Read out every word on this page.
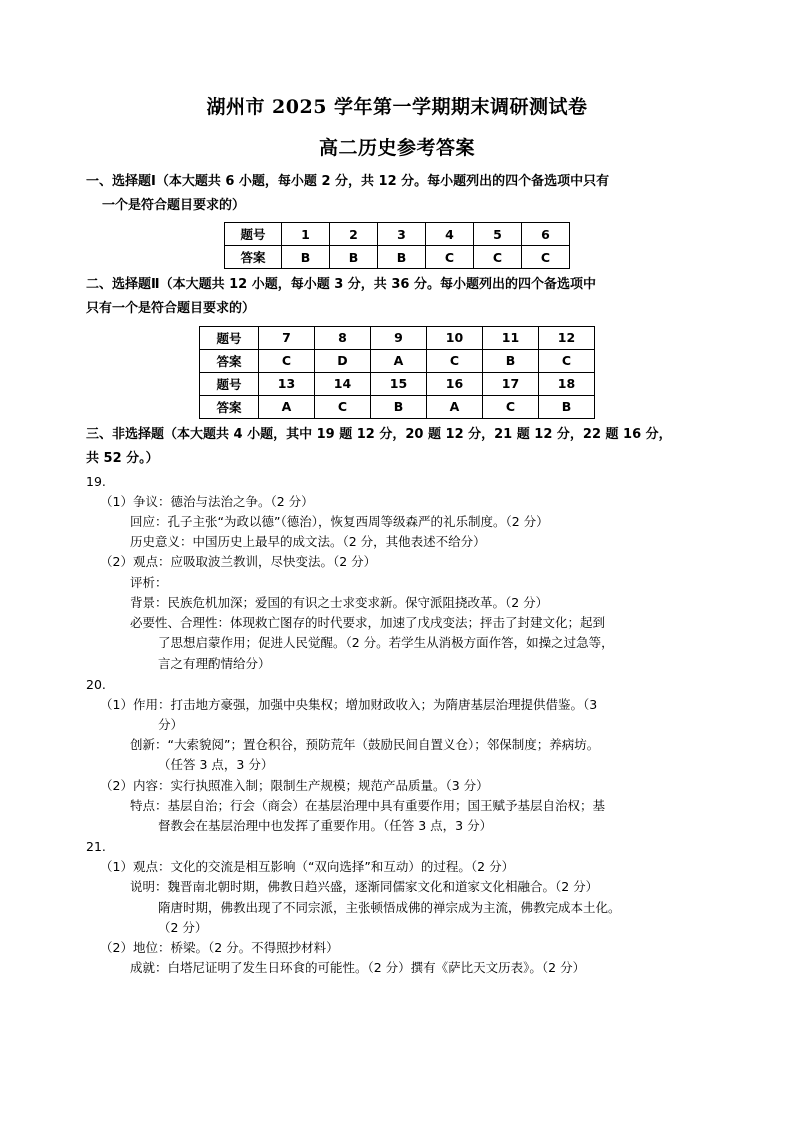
湖州市 2025 学年第一学期期末调研测试卷
高二历史参考答案
一、选择题Ⅰ（本大题共 6 小题，每小题 2 分，共 12 分。每小题列出的四个备选项中只有
一个是符合题目要求的）
题号	1	2	3	4	5	6
答案	B	B	B	C	C	C
二、选择题Ⅱ（本大题共 12 小题，每小题 3 分，共 36 分。每小题列出的四个备选项中
只有一个是符合题目要求的）
题号	7	8	9	10	11	12
答案	C	D	A	C	B	C
题号	13	14	15	16	17	18
答案	A	C	B	A	C	B
三、非选择题（本大题共 4 小题，其中 19 题 12 分，20 题 12 分，21 题 12 分，22 题 16 分，
共 52 分。）
19.
（1）争议：德治与法治之争。（2 分）
回应：孔子主张“为政以德”（德治），恢复西周等级森严的礼乐制度。（2 分）
历史意义：中国历史上最早的成文法。（2 分，其他表述不给分）
（2）观点：应吸取波兰教训，尽快变法。（2 分）
评析：
背景：民族危机加深；爱国的有识之士求变求新。保守派阻挠改革。（2 分）
必要性、合理性：体现救亡图存的时代要求，加速了戊戌变法；抨击了封建文化；起到
了思想启蒙作用；促进人民觉醒。（2 分。若学生从消极方面作答，如操之过急等，
言之有理酌情给分）
20.
（1）作用：打击地方豪强，加强中央集权；增加财政收入；为隋唐基层治理提供借鉴。（3
分）
创新：“大索貌阅”；置仓积谷，预防荒年（鼓励民间自置义仓）；邻保制度；养病坊。
（任答 3 点，3 分）
（2）内容：实行执照准入制；限制生产规模；规范产品质量。（3 分）
特点：基层自治；行会（商会）在基层治理中具有重要作用；国王赋予基层自治权；基
督教会在基层治理中也发挥了重要作用。（任答 3 点，3 分）
21.
（1）观点：文化的交流是相互影响（“双向选择”和互动）的过程。（2 分）
说明：魏晋南北朝时期，佛教日趋兴盛，逐渐同儒家文化和道家文化相融合。（2 分）
隋唐时期，佛教出现了不同宗派，主张顿悟成佛的禅宗成为主流，佛教完成本土化。
（2 分）
（2）地位：桥梁。（2 分。不得照抄材料）
成就：白塔尼证明了发生日环食的可能性。（2 分）撰有《萨比天文历表》。（2 分）
